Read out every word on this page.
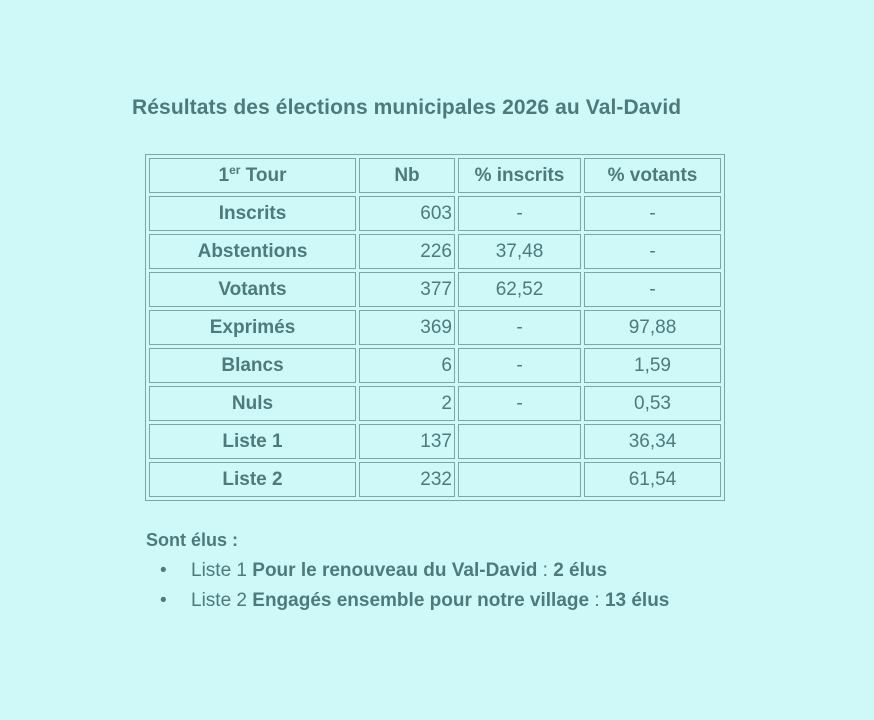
Résultats des élections municipales 2026 au Val-David
1er Tour	Nb	% inscrits	% votants
Inscrits	603	-	-
Abstentions	226	37,48	-
Votants	377	62,52	-
Exprimés	369	-	97,88
Blancs	6	-	1,59
Nuls	2	-	0,53
Liste 1	137		36,34
Liste 2	232		61,54
Sont élus :
• Liste 1 Pour le renouveau du Val-David : 2 élus
• Liste 2 Engagés ensemble pour notre village : 13 élus
